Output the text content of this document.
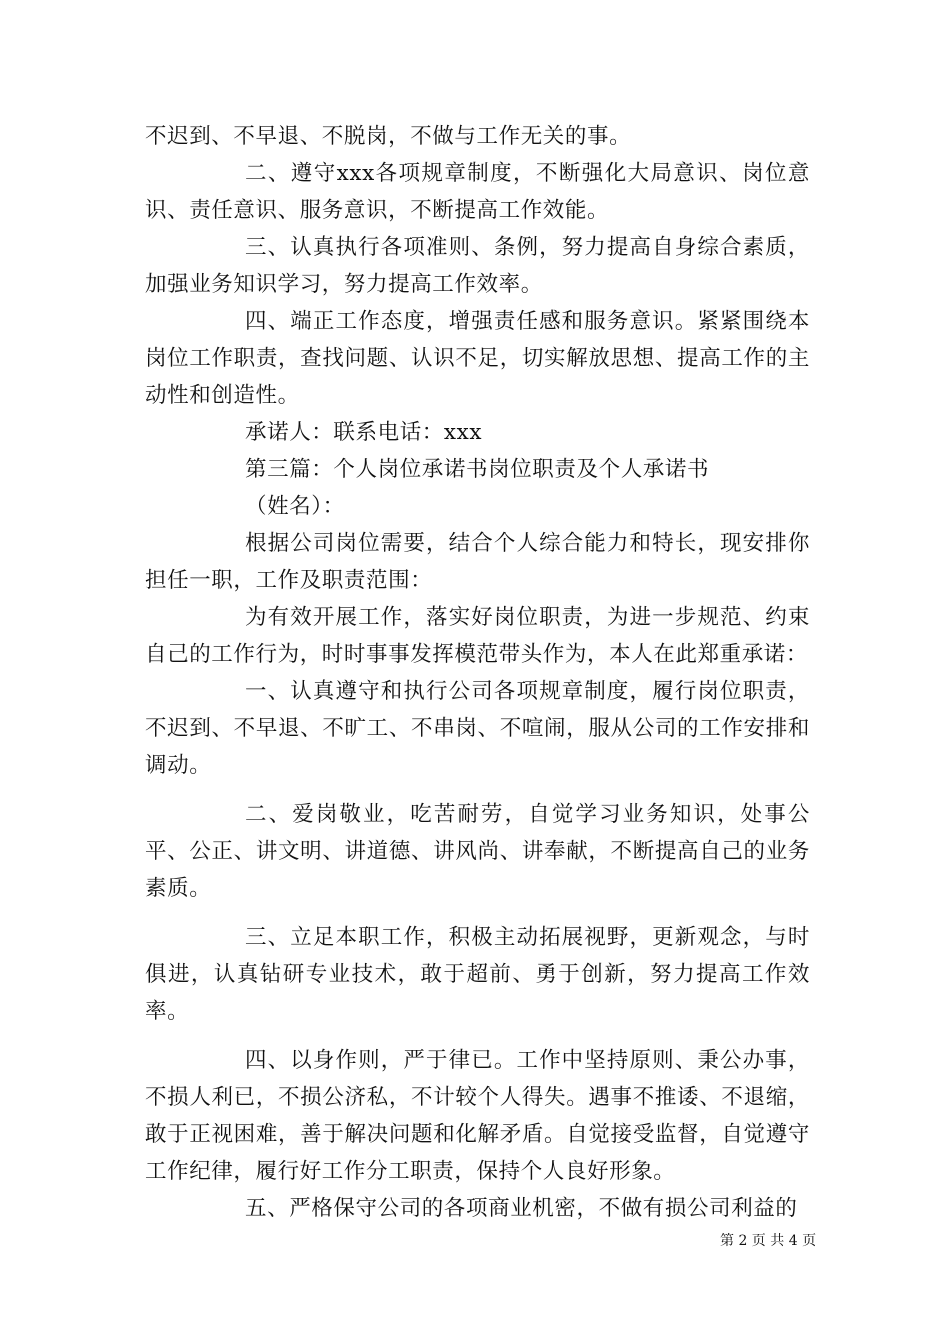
不迟到、不早退、不脱岗，不做与工作无关的事。

二、遵守xxx各项规章制度，不断强化大局意识、岗位意识、责任意识、服务意识，不断提高工作效能。

三、认真执行各项准则、条例，努力提高自身综合素质，加强业务知识学习，努力提高工作效率。

四、端正工作态度，增强责任感和服务意识。紧紧围绕本岗位工作职责，查找问题、认识不足，切实解放思想、提高工作的主动性和创造性。

承诺人：联系电话：xxx

第三篇：个人岗位承诺书岗位职责及个人承诺书

（姓名）：

根据公司岗位需要，结合个人综合能力和特长，现安排你担任一职，工作及职责范围：

为有效开展工作，落实好岗位职责，为进一步规范、约束自己的工作行为，时时事事发挥模范带头作为，本人在此郑重承诺：

一、认真遵守和执行公司各项规章制度，履行岗位职责，不迟到、不早退、不旷工、不串岗、不喧闹，服从公司的工作安排和调动。

二、爱岗敬业，吃苦耐劳，自觉学习业务知识，处事公平、公正、讲文明、讲道德、讲风尚、讲奉献，不断提高自己的业务素质。

三、立足本职工作，积极主动拓展视野，更新观念，与时俱进，认真钻研专业技术，敢于超前、勇于创新，努力提高工作效率。

四、以身作则，严于律已。工作中坚持原则、秉公办事，不损人利已，不损公济私，不计较个人得失。遇事不推诿、不退缩，敢于正视困难，善于解决问题和化解矛盾。自觉接受监督，自觉遵守工作纪律，履行好工作分工职责，保持个人良好形象。

五、严格保守公司的各项商业机密，不做有损公司利益的

第 2 页 共 4 页
